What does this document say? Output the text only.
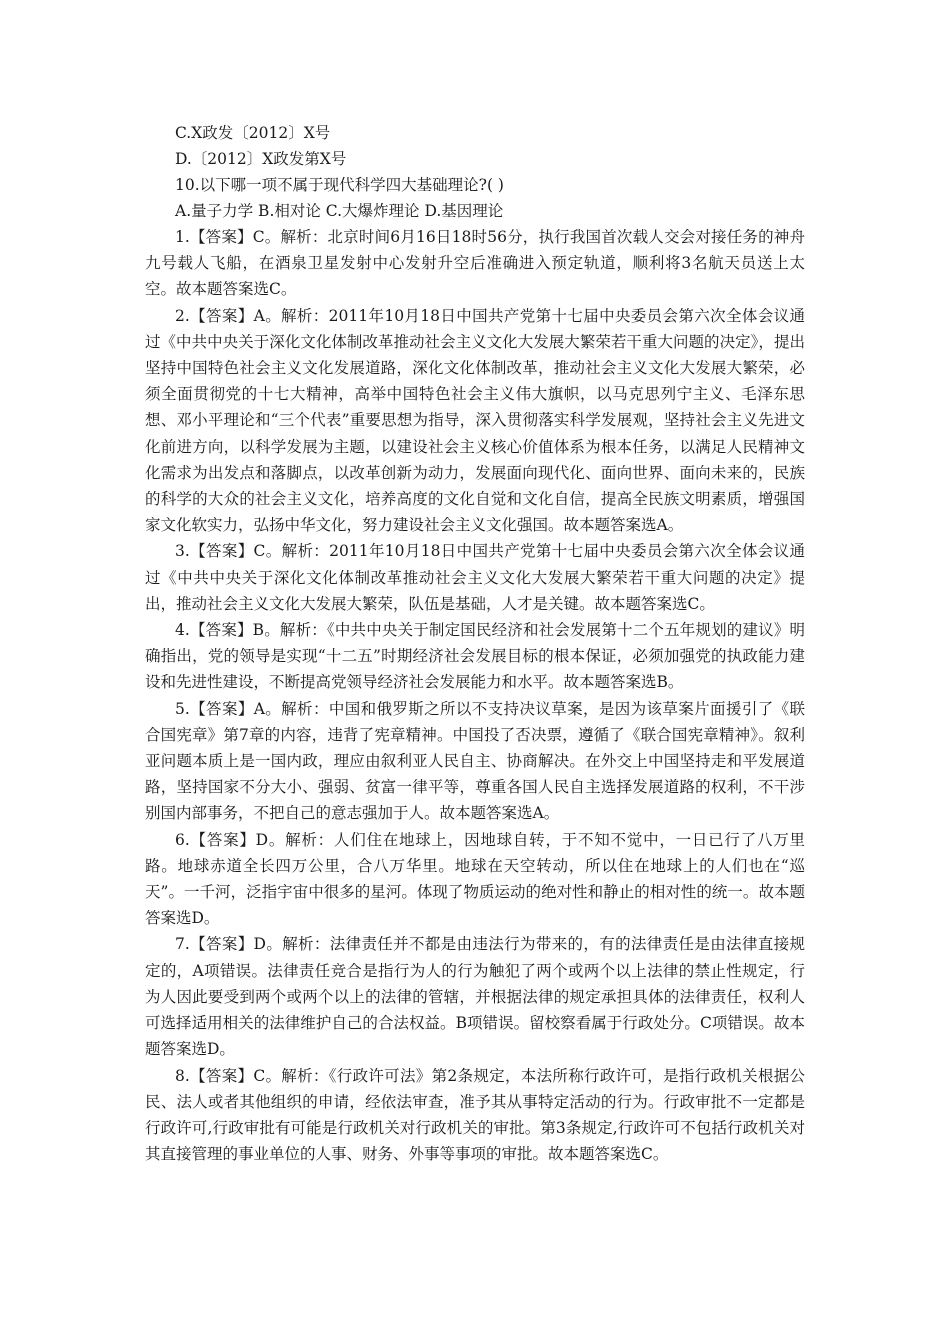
C.X政发〔2012〕X号

D.〔2012〕X政发第X号

10.以下哪一项不属于现代科学四大基础理论?( )

A.量子力学 B.相对论 C.大爆炸理论 D.基因理论

1.【答案】C。解析：北京时间6月16日18时56分，执行我国首次载人交会对接任务的神舟九号载人飞船，在酒泉卫星发射中心发射升空后准确进入预定轨道，顺利将3名航天员送上太空。故本题答案选C。

2.【答案】A。解析：2011年10月18日中国共产党第十七届中央委员会第六次全体会议通过《中共中央关于深化文化体制改革推动社会主义文化大发展大繁荣若干重大问题的决定》，提出坚持中国特色社会主义文化发展道路，深化文化体制改革，推动社会主义文化大发展大繁荣，必须全面贯彻党的十七大精神，高举中国特色社会主义伟大旗帜，以马克思列宁主义、毛泽东思想、邓小平理论和“三个代表”重要思想为指导，深入贯彻落实科学发展观，坚持社会主义先进文化前进方向，以科学发展为主题，以建设社会主义核心价值体系为根本任务，以满足人民精神文化需求为出发点和落脚点，以改革创新为动力，发展面向现代化、面向世界、面向未来的，民族的科学的大众的社会主义文化，培养高度的文化自觉和文化自信，提高全民族文明素质，增强国家文化软实力，弘扬中华文化，努力建设社会主义文化强国。故本题答案选A。

3.【答案】C。解析：2011年10月18日中国共产党第十七届中央委员会第六次全体会议通过《中共中央关于深化文化体制改革推动社会主义文化大发展大繁荣若干重大问题的决定》提出，推动社会主义文化大发展大繁荣，队伍是基础，人才是关键。故本题答案选C。

4.【答案】B。解析：《中共中央关于制定国民经济和社会发展第十二个五年规划的建议》明确指出，党的领导是实现“十二五”时期经济社会发展目标的根本保证，必须加强党的执政能力建设和先进性建设，不断提高党领导经济社会发展能力和水平。故本题答案选B。

5.【答案】A。解析：中国和俄罗斯之所以不支持决议草案，是因为该草案片面援引了《联合国宪章》第7章的内容，违背了宪章精神。中国投了否决票，遵循了《联合国宪章精神》。叙利亚问题本质上是一国内政，理应由叙利亚人民自主、协商解决。在外交上中国坚持走和平发展道路，坚持国家不分大小、强弱、贫富一律平等，尊重各国人民自主选择发展道路的权利，不干涉别国内部事务，不把自己的意志强加于人。故本题答案选A。

6.【答案】D。解析：人们住在地球上，因地球自转，于不知不觉中，一日已行了八万里路。地球赤道全长四万公里，合八万华里。地球在天空转动，所以住在地球上的人们也在“巡天”。一千河，泛指宇宙中很多的星河。体现了物质运动的绝对性和静止的相对性的统一。故本题答案选D。

7.【答案】D。解析：法律责任并不都是由违法行为带来的，有的法律责任是由法律直接规定的，A项错误。法律责任竞合是指行为人的行为触犯了两个或两个以上法律的禁止性规定，行为人因此要受到两个或两个以上的法律的管辖，并根据法律的规定承担具体的法律责任，权利人可选择适用相关的法律维护自己的合法权益。B项错误。留校察看属于行政处分。C项错误。故本题答案选D。

8.【答案】C。解析：《行政许可法》第2条规定，本法所称行政许可，是指行政机关根据公民、法人或者其他组织的申请，经依法审查，准予其从事特定活动的行为。行政审批不一定都是行政许可,行政审批有可能是行政机关对行政机关的审批。第3条规定,行政许可不包括行政机关对其直接管理的事业单位的人事、财务、外事等事项的审批。故本题答案选C。
